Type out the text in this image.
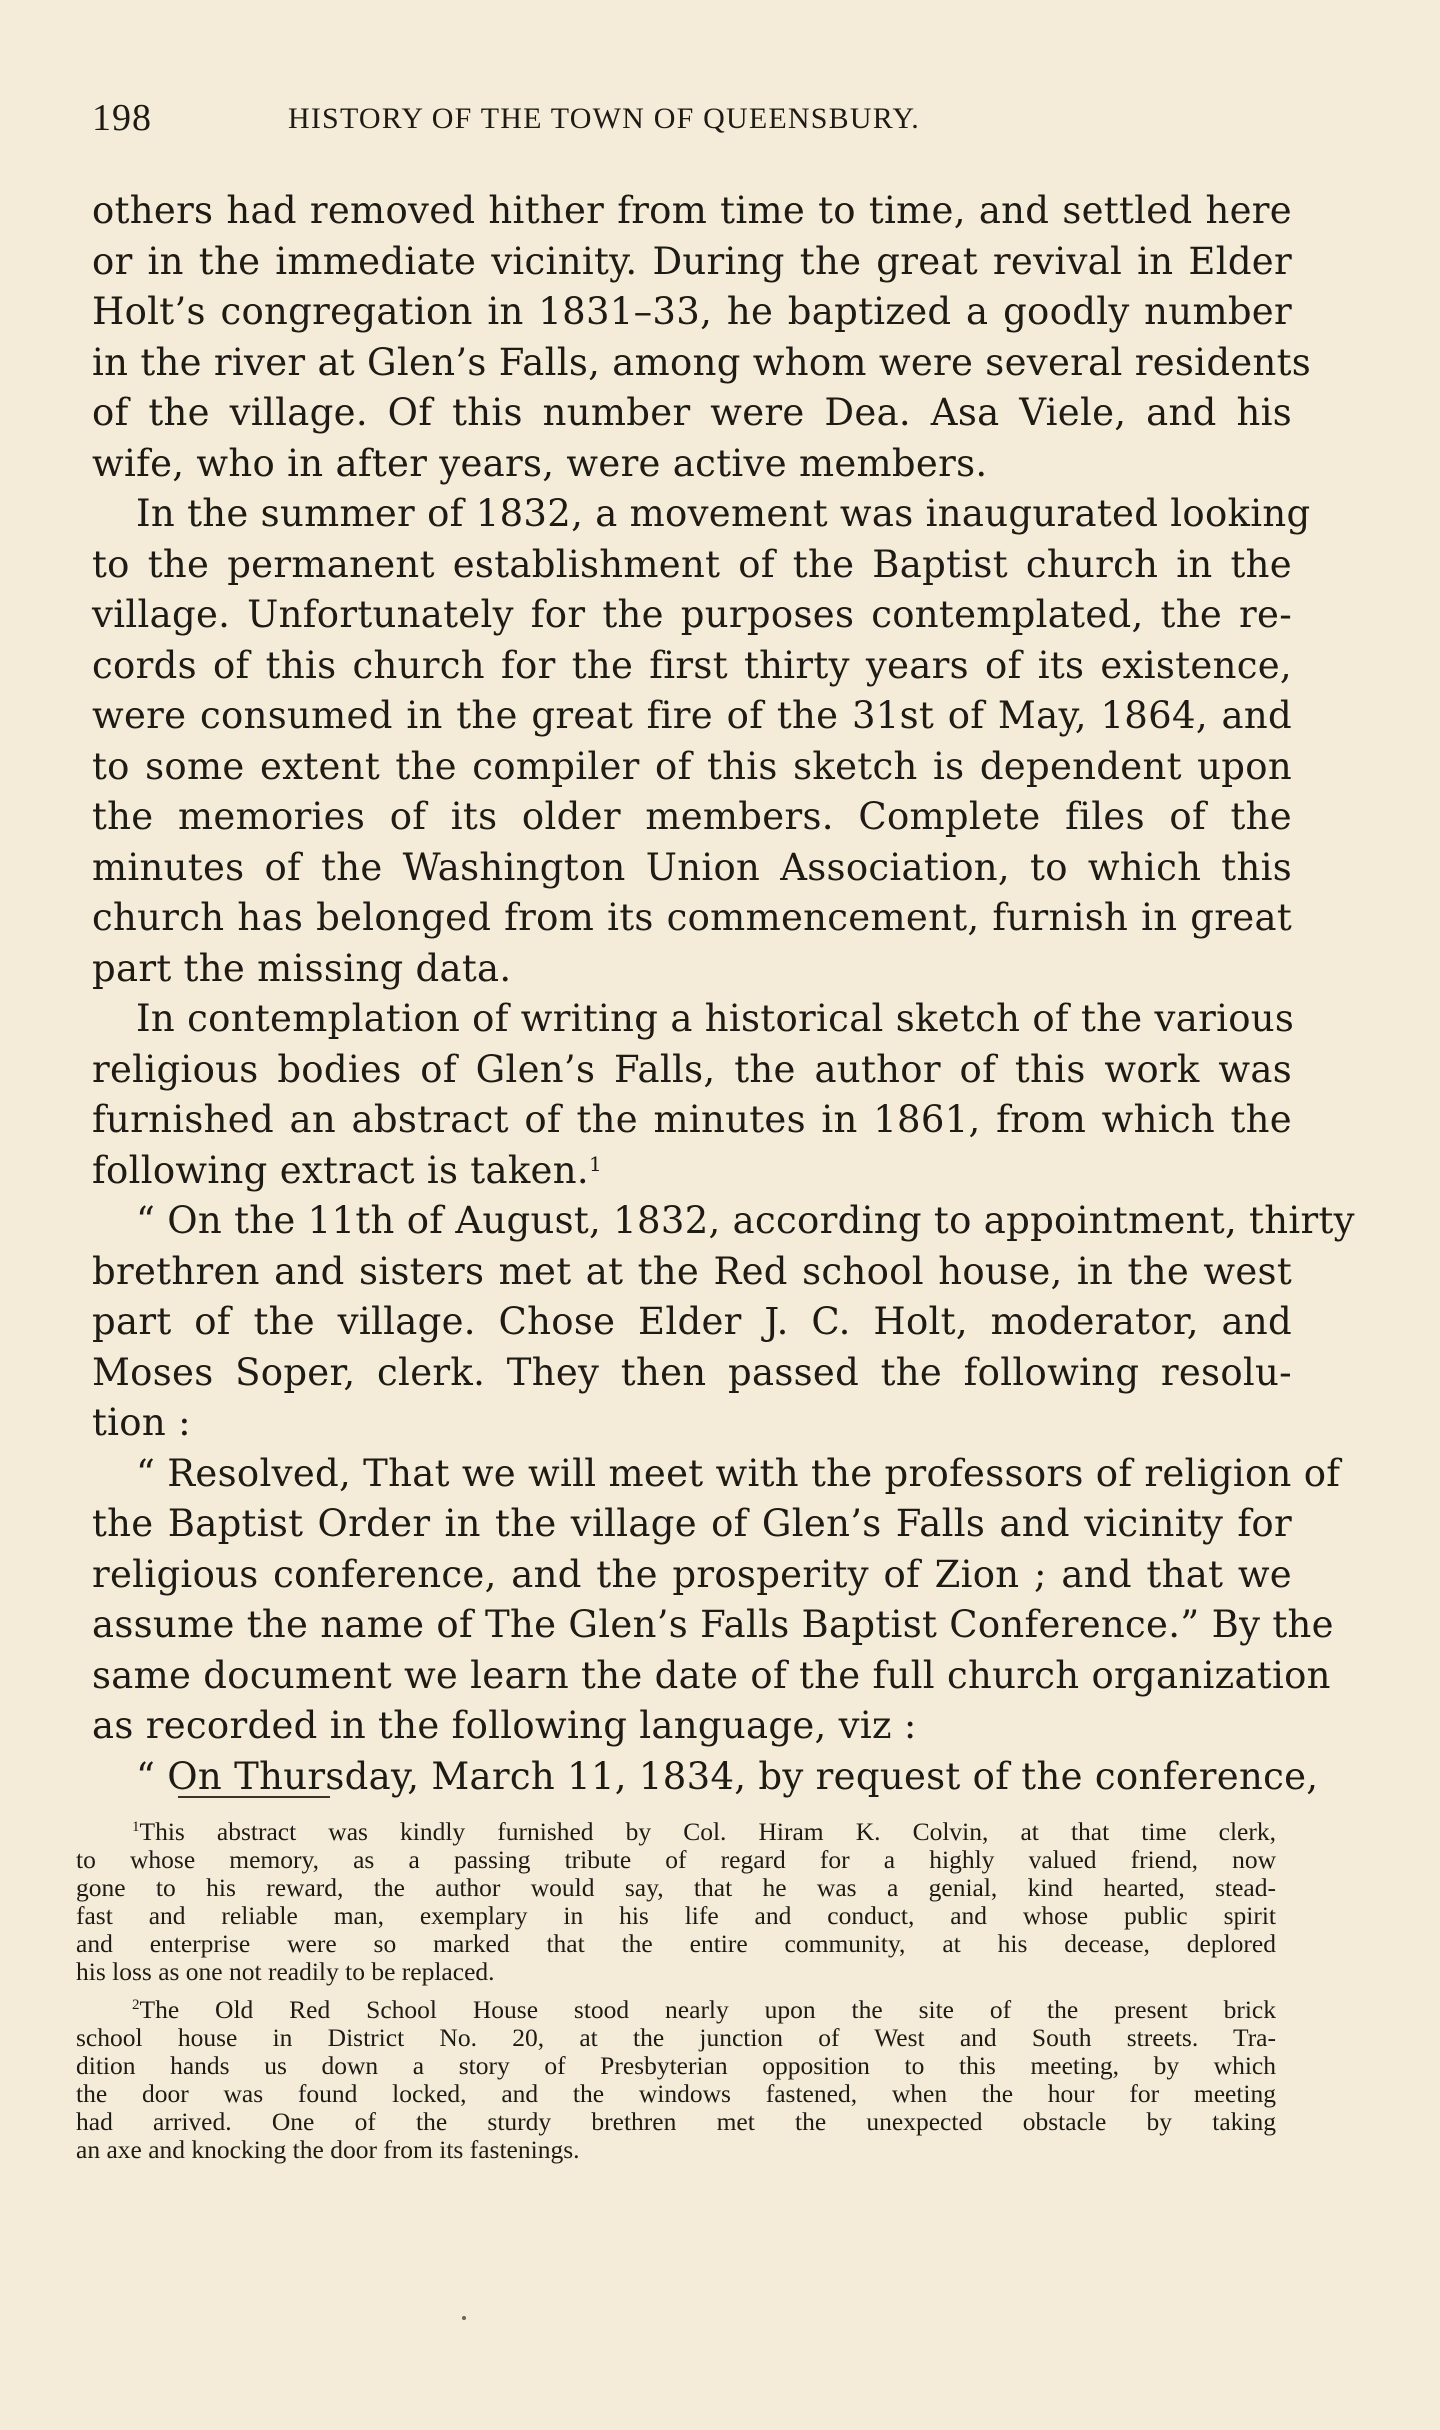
198	HISTORY OF THE TOWN OF QUEENSBURY.
others had removed hither from time to time, and settled here
or in the immediate vicinity. During the great revival in Elder
Holt’s congregation in 1831–33, he baptized a goodly number
in the river at Glen’s Falls, among whom were several residents
of the village. Of this number were Dea. Asa Viele, and his
wife, who in after years, were active members.
In the summer of 1832, a movement was inaugurated looking
to the permanent establishment of the Baptist church in the
village. Unfortunately for the purposes contemplated, the re-
cords of this church for the first thirty years of its existence,
were consumed in the great fire of the 31st of May, 1864, and
to some extent the compiler of this sketch is dependent upon
the memories of its older members. Complete files of the
minutes of the Washington Union Association, to which this
church has belonged from its commencement, furnish in great
part the missing data.
In contemplation of writing a historical sketch of the various
religious bodies of Glen’s Falls, the author of this work was
furnished an abstract of the minutes in 1861, from which the
following extract is taken.$^1$
“ On the 11th of August, 1832, according to appointment, thirty
brethren and sisters met at the Red school house, in the west
part of the village. Chose Elder J. C. Holt, moderator, and
Moses Soper, clerk. They then passed the following resolu-
tion :
“ Resolved, That we will meet with the professors of religion of
the Baptist Order in the village of Glen’s Falls and vicinity for
religious conference, and the prosperity of Zion ; and that we
assume the name of The Glen’s Falls Baptist Conference.” By the
same document we learn the date of the full church organization
as recorded in the following language, viz :
“ On Thursday, March 11, 1834, by request of the conference,
$^1$This abstract was kindly furnished by Col. Hiram K. Colvin, at that time clerk,
to whose memory, as a passing tribute of regard for a highly valued friend, now
gone to his reward, the author would say, that he was a genial, kind hearted, stead-
fast and reliable man, exemplary in his life and conduct, and whose public spirit
and enterprise were so marked that the entire community, at his decease, deplored
his loss as one not readily to be replaced.
$^2$The Old Red School House stood nearly upon the site of the present brick
school house in District No. 20, at the junction of West and South streets. Tra-
dition hands us down a story of Presbyterian opposition to this meeting, by which
the door was found locked, and the windows fastened, when the hour for meeting
had arrived. One of the sturdy brethren met the unexpected obstacle by taking
an axe and knocking the door from its fastenings.
